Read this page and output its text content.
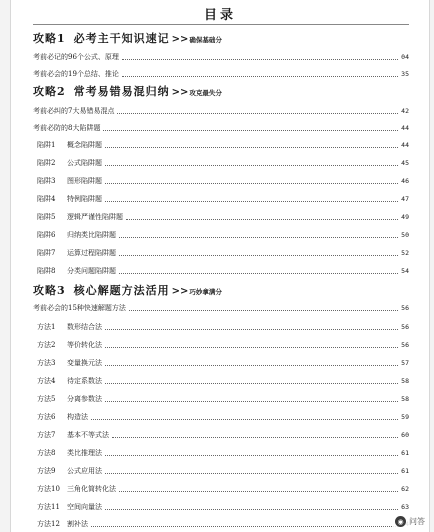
目录
攻略1 必考主干知识速记 >> 确保基础分
考前必记的96个公式、原理	04
考前必会的19个总结、推论	35
攻略2 常考易错易混归纳 >> 攻克最失分
考前必纠的7大易错易混点	42
考前必防的8大陷阱题	44
陷阱1 概念陷阱题	44
陷阱2 公式陷阱题	45
陷阱3 图形陷阱题	46
陷阱4 特例陷阱题	47
陷阱5 逻辑严谨性陷阱题	49
陷阱6 归纳类比陷阱题	50
陷阱7 运算过程陷阱题	52
陷阱8 分类问题陷阱题	54
攻略3 核心解题方法活用 >> 巧妙拿满分
考前必会的15种快速解题方法	56
方法1 数形结合法	56
方法2 等价转化法	56
方法3 变量换元法	57
方法4 待定系数法	58
方法5 分离参数法	58
方法6 构造法	59
方法7 基本不等式法	60
方法8 类比推理法	61
方法9 公式应用法	61
方法10 三角化简转化法	62
方法11 空间向量法	63
方法12 割补法	◉ 问答
